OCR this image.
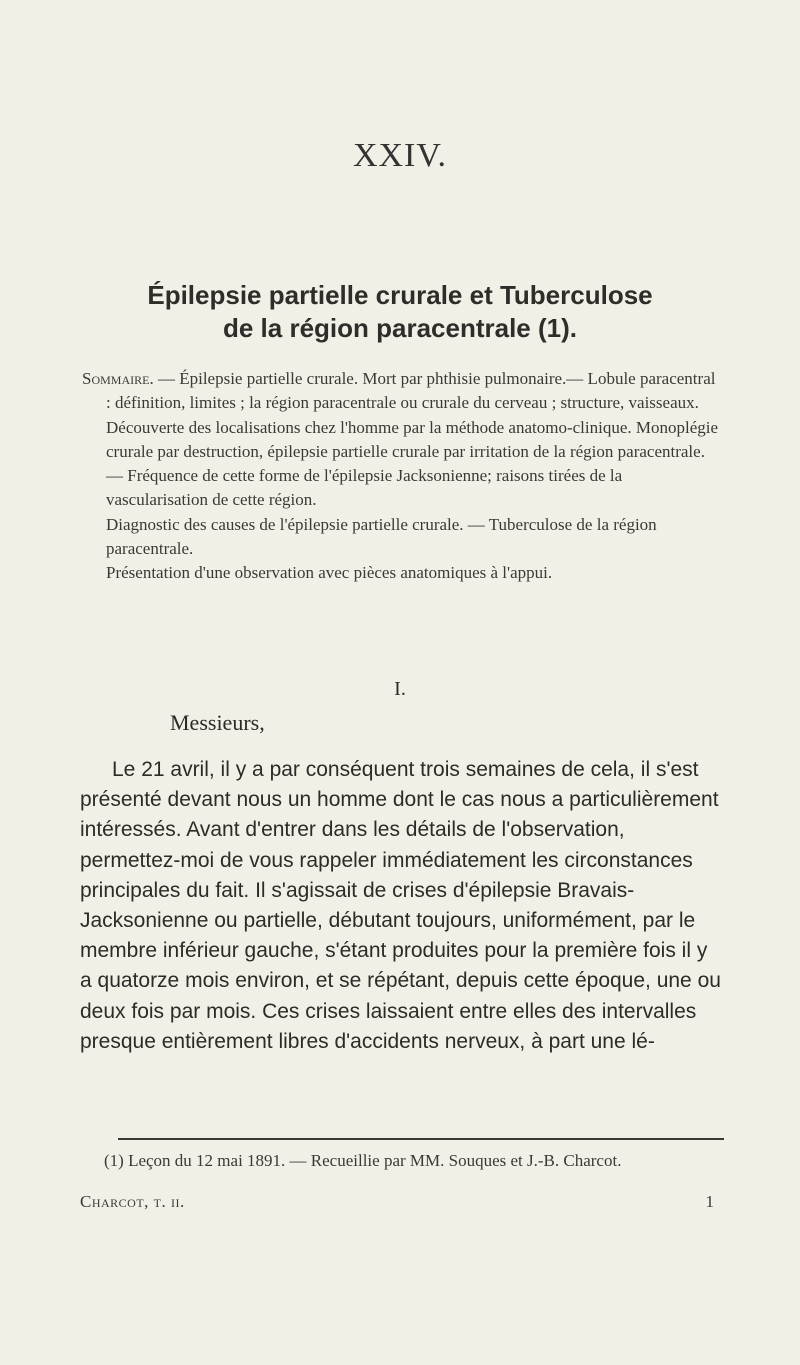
XXIV.
Épilepsie partielle crurale et Tuberculose
de la région paracentrale (1).

Sommaire. — Épilepsie partielle crurale. Mort par phthisie pulmonaire.— Lobule paracentral : définition, limites ; la région paracentrale ou crurale du cerveau ; structure, vaisseaux.

Découverte des localisations chez l'homme par la méthode anatomo-clinique. Monoplégie crurale par destruction, épilepsie partielle crurale par irritation de la région paracentrale. — Fréquence de cette forme de l'épilepsie Jacksonienne; raisons tirées de la vascularisation de cette région.

Diagnostic des causes de l'épilepsie partielle crurale. — Tuberculose de la région paracentrale.

Présentation d'une observation avec pièces anatomiques à l'appui.

I.
Messieurs,

Le 21 avril, il y a par conséquent trois semaines de cela, il s'est présenté devant nous un homme dont le cas nous a particulièrement intéressés. Avant d'entrer dans les détails de l'observation, permettez-moi de vous rappeler immédiatement les circonstances principales du fait. Il s'agissait de crises d'épilepsie Bravais-Jacksonienne ou partielle, débutant toujours, uniformément, par le membre inférieur gauche, s'étant produites pour la première fois il y a quatorze mois environ, et se répétant, depuis cette époque, une ou deux fois par mois. Ces crises laissaient entre elles des intervalles presque entièrement libres d'accidents nerveux, à part une lé-

(1) Leçon du 12 mai 1891. — Recueillie par MM. Souques et J.-B. Charcot.

Charcot, t. ii.	1
